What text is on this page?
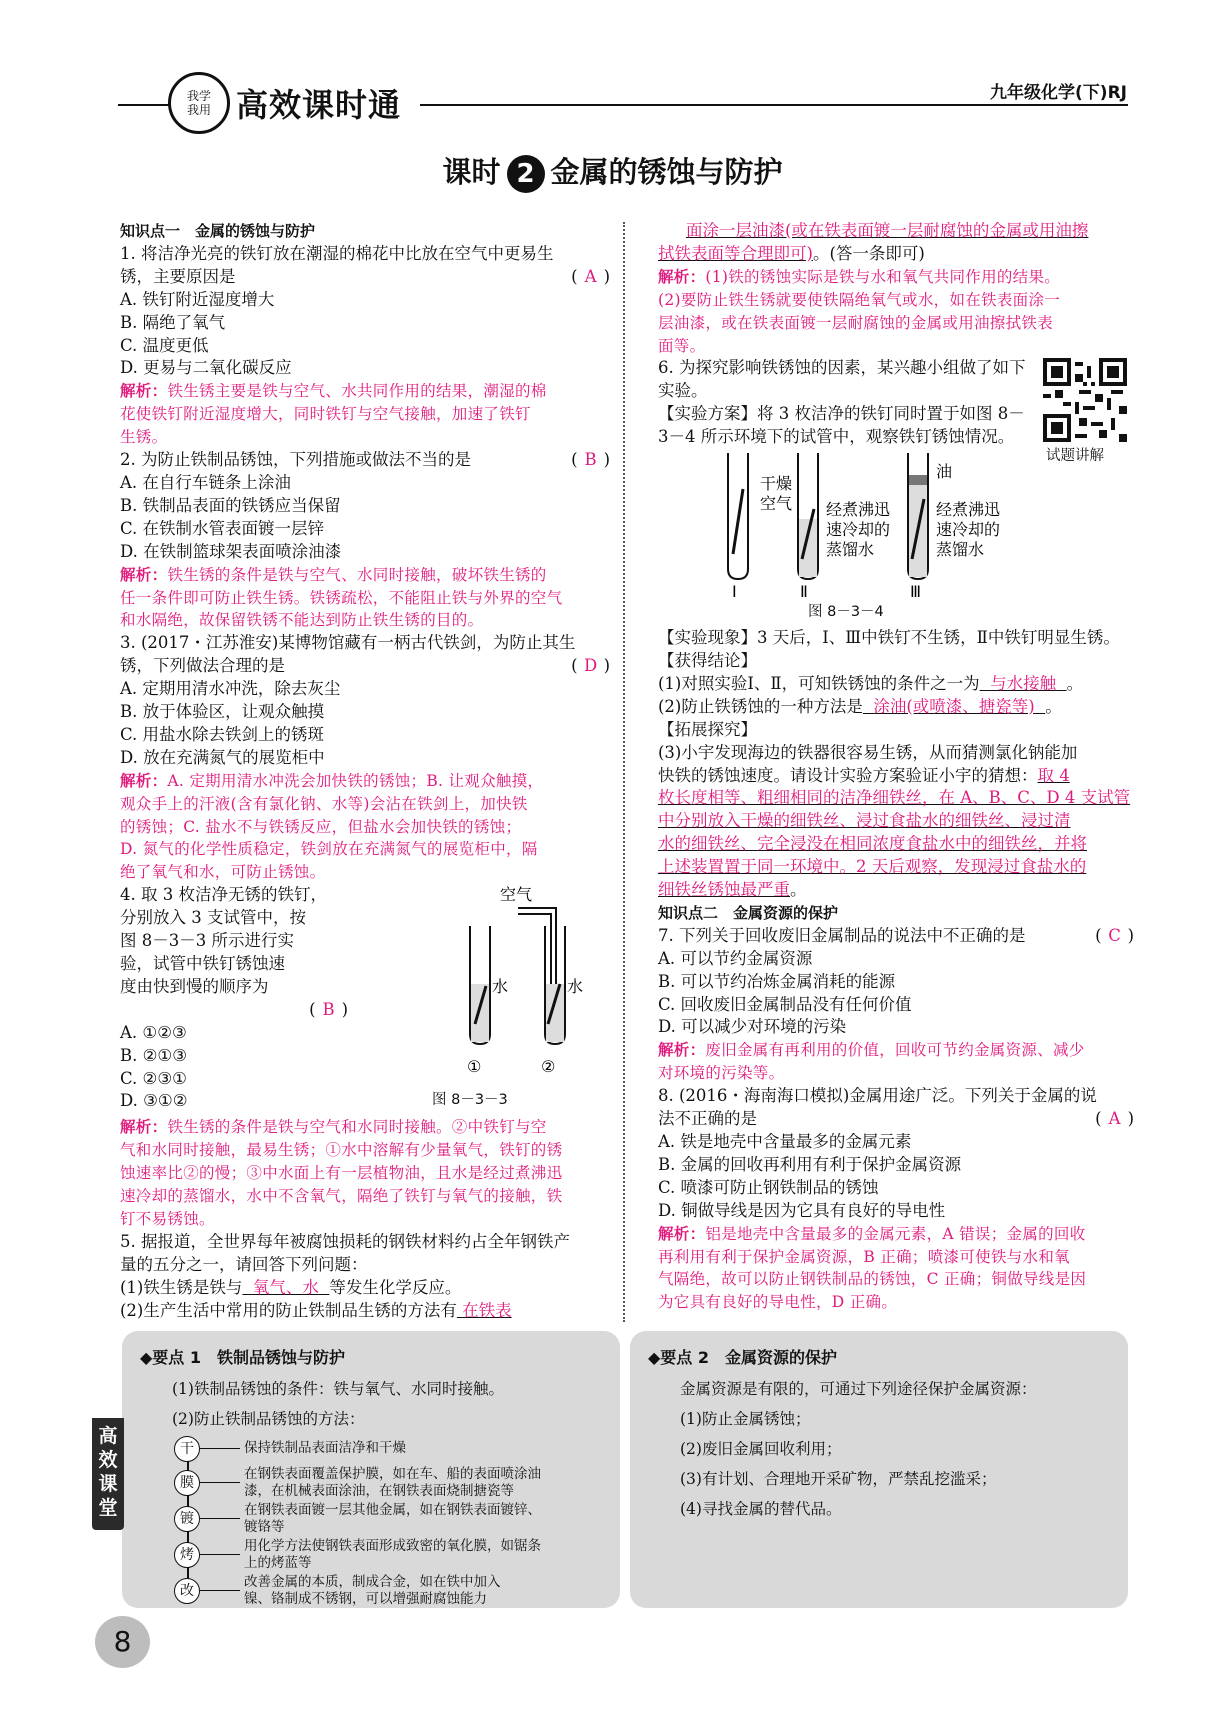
我学我用 高效课时通	九年级化学(下)RJ
课时 2 金属的锈蚀与防护

知识点一　金属的锈蚀与防护

1. 将洁净光亮的铁钉放在潮湿的棉花中比放在空气中更易生

锈，主要原因是	( A )

A. 铁钉附近湿度增大

B. 隔绝了氧气

C. 温度更低

D. 更易与二氧化碳反应

解析：铁生锈主要是铁与空气、水共同作用的结果，潮湿的棉

花使铁钉附近湿度增大，同时铁钉与空气接触，加速了铁钉

生锈。

2. 为防止铁制品锈蚀，下列措施或做法不当的是	( B )

A. 在自行车链条上涂油

B. 铁制品表面的铁锈应当保留

C. 在铁制水管表面镀一层锌

D. 在铁制篮球架表面喷涂油漆

解析：铁生锈的条件是铁与空气、水同时接触，破坏铁生锈的

任一条件即可防止铁生锈。铁锈疏松，不能阻止铁与外界的空气

和水隔绝，故保留铁锈不能达到防止铁生锈的目的。

3. (2017・江苏淮安)某博物馆藏有一柄古代铁剑，为防止其生

锈，下列做法合理的是	( D )

A. 定期用清水冲洗，除去灰尘

B. 放于体验区，让观众触摸

C. 用盐水除去铁剑上的锈斑

D. 放在充满氮气的展览柜中

解析：A. 定期用清水冲洗会加快铁的锈蚀；B. 让观众触摸，

观众手上的汗液(含有氯化钠、水等)会沾在铁剑上，加快铁

的锈蚀；C. 盐水不与铁锈反应，但盐水会加快铁的锈蚀；

D. 氮气的化学性质稳定，铁剑放在充满氮气的展览柜中，隔

绝了氧气和水，可防止锈蚀。

4. 取 3 枚洁净无锈的铁钉，

分别放入 3 支试管中，按

图 8－3－3 所示进行实

验，试管中铁钉锈蚀速

度由快到慢的顺序为

( B )

A. ①②③

B. ②①③

C. ②③①

D. ③①②

水
①
空气
水
②
图 8－3－3

解析：铁生锈的条件是铁与空气和水同时接触。②中铁钉与空

气和水同时接触，最易生锈；①水中溶解有少量氧气，铁钉的锈

蚀速率比②的慢；③中水面上有一层植物油，且水是经过煮沸迅

速冷却的蒸馏水，水中不含氧气，隔绝了铁钉与氧气的接触，铁

钉不易锈蚀。

5. 据报道，全世界每年被腐蚀损耗的钢铁材料约占全年钢铁产

量的五分之一，请回答下列问题：

(1)铁生锈是铁与 氧气、水 等发生化学反应。

(2)生产生活中常用的防止铁制品生锈的方法有 在铁表

面涂一层油漆(或在铁表面镀一层耐腐蚀的金属或用油擦

拭铁表面等合理即可)。(答一条即可)

解析：(1)铁的锈蚀实际是铁与水和氧气共同作用的结果。

(2)要防止铁生锈就要使铁隔绝氧气或水，如在铁表面涂一

层油漆，或在铁表面镀一层耐腐蚀的金属或用油擦拭铁表

面等。

6. 为探究影响铁锈蚀的因素，某兴趣小组做了如下

实验。

【实验方案】将 3 枚洁净的铁钉同时置于如图 8－

3－4 所示环境下的试管中，观察铁钉锈蚀情况。

干燥
空气
Ⅰ
经煮沸迅
速冷却的
蒸馏水
Ⅱ
油
经煮沸迅
速冷却的
蒸馏水
Ⅲ
图 8－3－4

【实验现象】3 天后，Ⅰ、Ⅲ中铁钉不生锈，Ⅱ中铁钉明显生锈。

【获得结论】

(1)对照实验Ⅰ、Ⅱ，可知铁锈蚀的条件之一为 与水接触 。

(2)防止铁锈蚀的一种方法是 涂油(或喷漆、搪瓷等) 。

【拓展探究】

(3)小宇发现海边的铁器很容易生锈，从而猜测氯化钠能加

快铁的锈蚀速度。请设计实验方案验证小宇的猜想：取 4

枚长度相等、粗细相同的洁净细铁丝，在 A、B、C、D 4 支试管

中分别放入干燥的细铁丝、浸过食盐水的细铁丝、浸过清

水的细铁丝、完全浸没在相同浓度食盐水中的细铁丝，并将

上述装置置于同一环境中。2 天后观察，发现浸过食盐水的

细铁丝锈蚀最严重。

知识点二　金属资源的保护

7. 下列关于回收废旧金属制品的说法中不正确的是	( C )

A. 可以节约金属资源

B. 可以节约冶炼金属消耗的能源

C. 回收废旧金属制品没有任何价值

D. 可以减少对环境的污染

解析：废旧金属有再利用的价值，回收可节约金属资源、减少

对环境的污染等。

8. (2016・海南海口模拟)金属用途广泛。下列关于金属的说

法不正确的是	( A )

A. 铁是地壳中含量最多的金属元素

B. 金属的回收再利用有利于保护金属资源

C. 喷漆可防止钢铁制品的锈蚀

D. 铜做导线是因为它具有良好的导电性

解析：铝是地壳中含量最多的金属元素，A 错误；金属的回收

再利用有利于保护金属资源，B 正确；喷漆可使铁与水和氧

气隔绝，故可以防止钢铁制品的锈蚀，C 正确；铜做导线是因

为它具有良好的导电性，D 正确。

试题讲解
◆要点 1　铁制品锈蚀与防护

(1)铁制品锈蚀的条件：铁与氧气、水同时接触。

(2)防止铁制品锈蚀的方法：

干	保持铁制品表面洁净和干燥
膜
在钢铁表面覆盖保护膜，如在车、船的表面喷涂油
漆，在机械表面涂油，在钢铁表面烧制搪瓷等
镀
在钢铁表面镀一层其他金属，如在钢铁表面镀锌、
镀铬等
烤
用化学方法使钢铁表面形成致密的氧化膜，如锯条
上的烤蓝等
改
改善金属的本质，制成合金，如在铁中加入
镍、铬制成不锈钢，可以增强耐腐蚀能力
◆要点 2　金属资源的保护

金属资源是有限的，可通过下列途径保护金属资源：

(1)防止金属锈蚀；

(2)废旧金属回收利用；

(3)有计划、合理地开采矿物，严禁乱挖滥采；

(4)寻找金属的替代品。

高
效
课
堂
8
